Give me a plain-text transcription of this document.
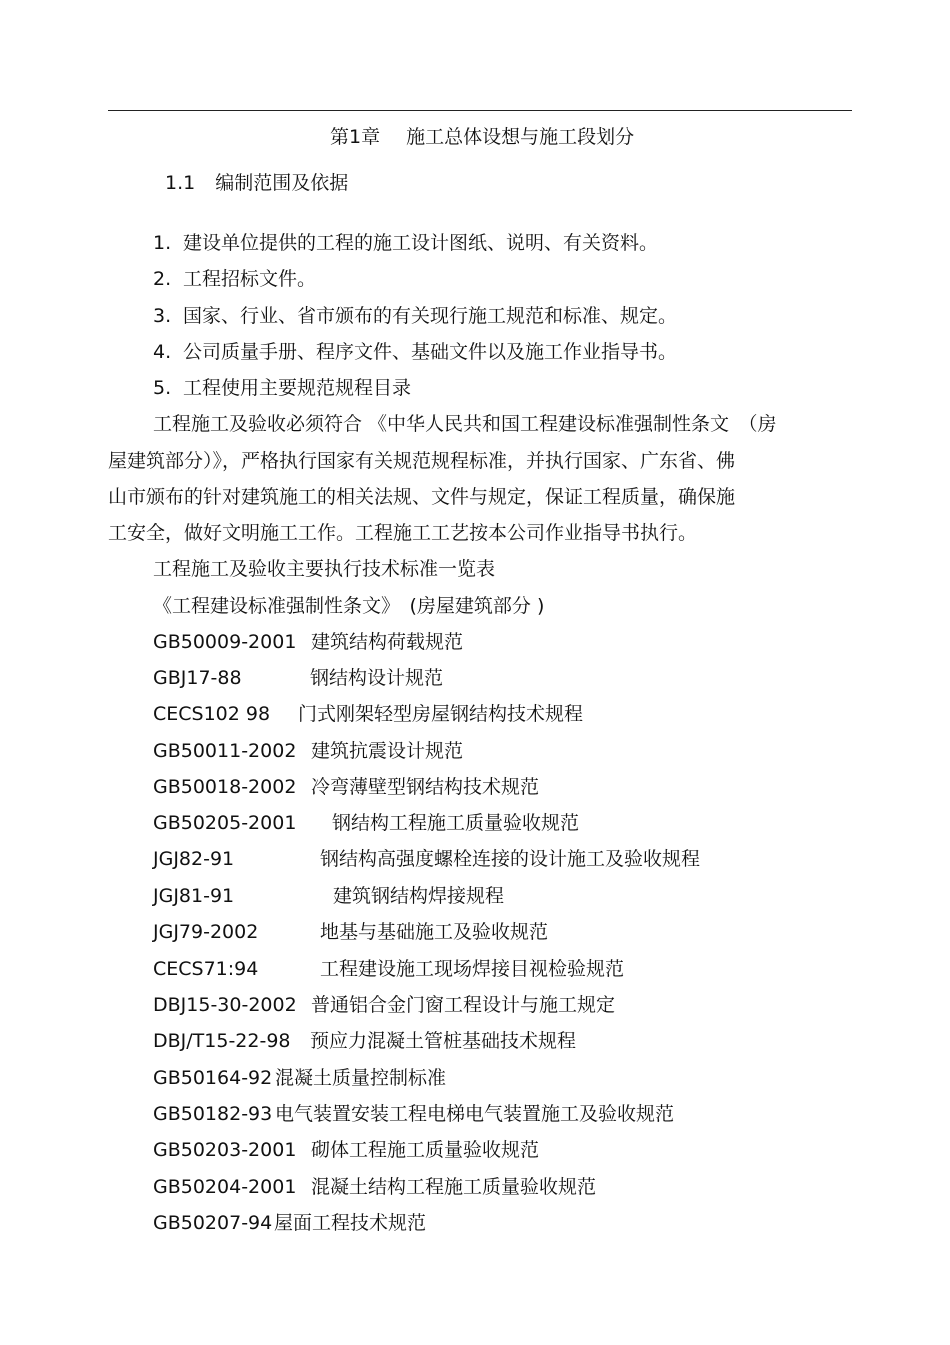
第1章 施工总体设想与施工段划分
1.1 编制范围及依据
1. 建设单位提供的工程的施工设计图纸、说明、有关资料。
2. 工程招标文件。
3. 国家、行业、省市颁布的有关现行施工规范和标准、规定。
4. 公司质量手册、程序文件、基础文件以及施工作业指导书。
5. 工程使用主要规范规程目录
工程施工及验收必须符合 《中华人民共和国工程建设标准强制性条文　（房
屋建筑部分）》，严格执行国家有关规范规程标准，并执行国家、广东省、佛
山市颁布的针对建筑施工的相关法规、文件与规定，保证工程质量，确保施
工安全，做好文明施工工作。工程施工工艺按本公司作业指导书执行。
工程施工及验收主要执行技术标准一览表
《工程建设标准强制性条文》　(房屋建筑部分 )
GB50009-2001 建筑结构荷载规范
GBJ17-88	钢结构设计规范
CECS102 98 门式刚架轻型房屋钢结构技术规程
GB50011-2002 建筑抗震设计规范
GB50018-2002 冷弯薄壁型钢结构技术规范
GB50205-2001 钢结构工程施工质量验收规范
JGJ82-91	钢结构高强度螺栓连接的设计施工及验收规程
JGJ81-91	建筑钢结构焊接规程
JGJ79-2002	地基与基础施工及验收规范
CECS71:94	工程建设施工现场焊接目视检验规范
DBJ15-30-2002 普通铝合金门窗工程设计与施工规定
DBJ/T15-22-98 预应力混凝土管桩基础技术规程
GB50164-92 混凝土质量控制标准
GB50182-93 电气装置安装工程电梯电气装置施工及验收规范
GB50203-2001 砌体工程施工质量验收规范
GB50204-2001 混凝土结构工程施工质量验收规范
GB50207-94屋面工程技术规范
